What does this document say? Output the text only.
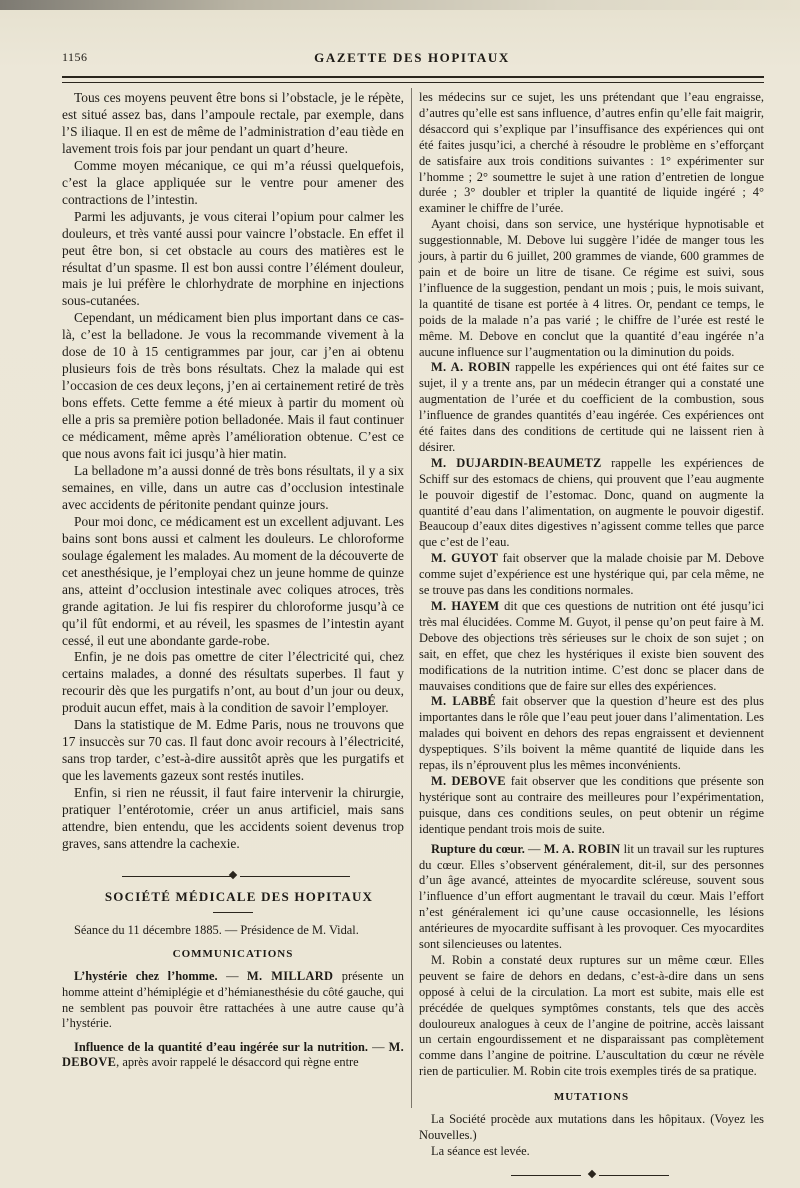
1156	GAZETTE DES HOPITAUX

Tous ces moyens peuvent être bons si l’obstacle, je le répète, est situé assez bas, dans l’ampoule rectale, par exemple, dans l’S iliaque. Il en est de même de l’administration d’eau tiède en lavement trois fois par jour pendant un quart d’heure.

Comme moyen mécanique, ce qui m’a réussi quelquefois, c’est la glace appliquée sur le ventre pour amener des contractions de l’intestin.

Parmi les adjuvants, je vous citerai l’opium pour calmer les douleurs, et très vanté aussi pour vaincre l’obstacle. En effet il peut être bon, si cet obstacle au cours des matières est le résultat d’un spasme. Il est bon aussi contre l’élément douleur, mais je lui préfère le chlorhydrate de morphine en injections sous-cutanées.

Cependant, un médicament bien plus important dans ce cas-là, c’est la belladone. Je vous la recommande vivement à la dose de 10 à 15 centigrammes par jour, car j’en ai obtenu plusieurs fois de très bons résultats. Chez la malade qui est l’occasion de ces deux leçons, j’en ai certainement retiré de très bons effets. Cette femme a été mieux à partir du moment où elle a pris sa première potion belladonée. Mais il faut continuer ce médicament, même après l’amélioration obtenue. C’est ce que nous avons fait ici jusqu’à hier matin.

La belladone m’a aussi donné de très bons résultats, il y a six semaines, en ville, dans un autre cas d’occlusion intestinale avec accidents de péritonite pendant quinze jours.

Pour moi donc, ce médicament est un excellent adjuvant. Les bains sont bons aussi et calment les douleurs. Le chloroforme soulage également les malades. Au moment de la découverte de cet anesthésique, je l’employai chez un jeune homme de quinze ans, atteint d’occlusion intestinale avec coliques atroces, très grande agitation. Je lui fis respirer du chloroforme jusqu’à ce qu’il fût endormi, et au réveil, les spasmes de l’intestin ayant cessé, il eut une abondante garde-robe.

Enfin, je ne dois pas omettre de citer l’électricité qui, chez certains malades, a donné des résultats superbes. Il faut y recourir dès que les purgatifs n’ont, au bout d’un jour ou deux, produit aucun effet, mais à la condition de savoir l’employer.

Dans la statistique de M. Edme Paris, nous ne trouvons que 17 insuccès sur 70 cas. Il faut donc avoir recours à l’électricité, sans trop tarder, c’est-à-dire aussitôt après que les purgatifs et que les lavements gazeux sont restés inutiles.

Enfin, si rien ne réussit, il faut faire intervenir la chirurgie, pratiquer l’entérotomie, créer un anus artificiel, mais sans attendre, bien entendu, que les accidents soient devenus trop graves, sans attendre la cachexie.

SOCIÉTÉ MÉDICALE DES HOPITAUX

Séance du 11 décembre 1885. — Présidence de M. Vidal.

COMMUNICATIONS

L’hystérie chez l’homme. — M. MILLARD présente un homme atteint d’hémiplégie et d’hémianesthésie du côté gauche, qui ne semblent pas pouvoir être rattachées à une autre cause qu’à l’hystérie.

Influence de la quantité d’eau ingérée sur la nutrition. — M. DEBOVE, après avoir rappelé le désaccord qui règne entre

les médecins sur ce sujet, les uns prétendant que l’eau engraisse, d’autres qu’elle est sans influence, d’autres enfin qu’elle fait maigrir, désaccord qui s’explique par l’insuffisance des expériences qui ont été faites jusqu’ici, a cherché à résoudre le problème en s’efforçant de satisfaire aux trois conditions suivantes : 1° expérimenter sur l’homme ; 2° soumettre le sujet à une ration d’entretien de longue durée ; 3° doubler et tripler la quantité de liquide ingéré ; 4° examiner le chiffre de l’urée.

Ayant choisi, dans son service, une hystérique hypnotisable et suggestionnable, M. Debove lui suggère l’idée de manger tous les jours, à partir du 6 juillet, 200 grammes de viande, 600 grammes de pain et de boire un litre de tisane. Ce régime est suivi, sous l’influence de la suggestion, pendant un mois ; puis, le mois suivant, la quantité de tisane est portée à 4 litres. Or, pendant ce temps, le poids de la malade n’a pas varié ; le chiffre de l’urée est resté le même. M. Debove en conclut que la quantité d’eau ingérée n’a aucune influence sur l’augmentation ou la diminution du poids.

M. A. ROBIN rappelle les expériences qui ont été faites sur ce sujet, il y a trente ans, par un médecin étranger qui a constaté une augmentation de l’urée et du coefficient de la combustion, sous l’influence de grandes quantités d’eau ingérée. Ces expériences ont été faites dans des conditions de certitude qui ne laissent rien à désirer.

M. DUJARDIN-BEAUMETZ rappelle les expériences de Schiff sur des estomacs de chiens, qui prouvent que l’eau augmente le pouvoir digestif de l’estomac. Donc, quand on augmente la quantité d’eau dans l’alimentation, on augmente le pouvoir digestif. Beaucoup d’eaux dites digestives n’agissent comme telles que parce que c’est de l’eau.

M. GUYOT fait observer que la malade choisie par M. Debove comme sujet d’expérience est une hystérique qui, par cela même, ne se trouve pas dans les conditions normales.

M. HAYEM dit que ces questions de nutrition ont été jusqu’ici très mal élucidées. Comme M. Guyot, il pense qu’on peut faire à M. Debove des objections très sérieuses sur le choix de son sujet ; on sait, en effet, que chez les hystériques il existe bien souvent des modifications de la nutrition intime. C’est donc se placer dans de mauvaises conditions que de faire sur elles des expériences.

M. LABBÉ fait observer que la question d’heure est des plus importantes dans le rôle que l’eau peut jouer dans l’alimentation. Les malades qui boivent en dehors des repas engraissent et deviennent dyspeptiques. S’ils boivent la même quantité de liquide dans les repas, ils n’éprouvent plus les mêmes inconvénients.

M. DEBOVE fait observer que les conditions que présente son hystérique sont au contraire des meilleures pour l’expérimentation, puisque, dans ces conditions seules, on peut obtenir un régime identique pendant trois mois de suite.

Rupture du cœur. — M. A. ROBIN lit un travail sur les ruptures du cœur. Elles s’observent généralement, dit-il, sur des personnes d’un âge avancé, atteintes de myocardite scléreuse, souvent sous l’influence d’un effort augmentant le travail du cœur. Mais l’effort n’est généralement ici qu’une cause occasionnelle, les lésions antérieures de myocardite suffisant à les provoquer. Ces myocardites sont silencieuses ou latentes.

M. Robin a constaté deux ruptures sur un même cœur. Elles peuvent se faire de dehors en dedans, c’est-à-dire dans un sens opposé à celui de la circulation. La mort est subite, mais elle est précédée de quelques symptômes constants, tels que des accès douloureux analogues à ceux de l’angine de poitrine, accès laissant un certain engourdissement et ne disparaissant pas complètement comme dans l’angine de poitrine. L’auscultation du cœur ne révèle rien de particulier. M. Robin cite trois exemples tirés de sa pratique.

MUTATIONS

La Société procède aux mutations dans les hôpitaux. (Voyez les Nouvelles.)

La séance est levée.
